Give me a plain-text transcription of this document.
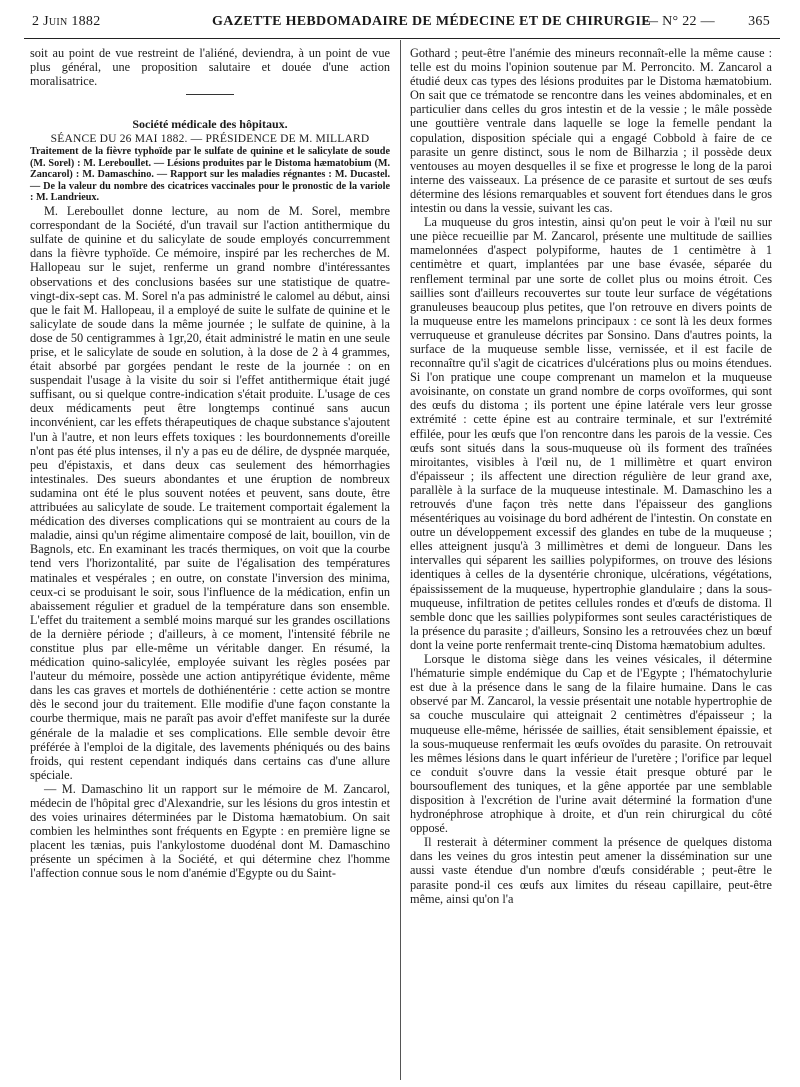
2 Juin 1882	GAZETTE HEBDOMADAIRE DE MÉDECINE ET DE CHIRURGIE
— N° 22 — 365

soit au point de vue restreint de l'aliéné, deviendra, à un point de vue plus général, une proposition salutaire et douée d'une action moralisatrice.

Société médicale des hôpitaux.

SÉANCE DU 26 MAI 1882. — PRÉSIDENCE DE M. MILLARD

Traitement de la fièvre typhoïde par le sulfate de quinine et le salicylate de soude (M. Sorel) : M. Lereboullet. — Lésions produites par le Distoma hæmatobium (M. Zancarol) : M. Damaschino. — Rapport sur les maladies régnantes : M. Ducastel. — De la valeur du nombre des cicatrices vaccinales pour le pronostic de la variole : M. Landrieux.

M. Lereboullet donne lecture, au nom de M. Sorel, membre correspondant de la Société, d'un travail sur l'action antithermique du sulfate de quinine et du salicylate de soude employés concurremment dans la fièvre typhoïde. Ce mémoire, inspiré par les recherches de M. Hallopeau sur le sujet, renferme un grand nombre d'intéressantes observations et des conclusions basées sur une statistique de quatre-vingt-dix-sept cas. M. Sorel n'a pas administré le calomel au début, ainsi que le fait M. Hallopeau, il a employé de suite le sulfate de quinine et le salicylate de soude dans la même journée ; le sulfate de quinine, à la dose de 50 centigrammes à 1gr,20, était administré le matin en une seule prise, et le salicylate de soude en solution, à la dose de 2 à 4 grammes, était absorbé par gorgées pendant le reste de la journée : on en suspendait l'usage à la visite du soir si l'effet antithermique était jugé suffisant, ou si quelque contre-indication s'était produite. L'usage de ces deux médicaments peut être longtemps continué sans aucun inconvénient, car les effets thérapeutiques de chaque substance s'ajoutent l'un à l'autre, et non leurs effets toxiques : les bourdonnements d'oreille n'ont pas été plus intenses, il n'y a pas eu de délire, de dyspnée marquée, peu d'épistaxis, et dans deux cas seulement des hémorrhagies intestinales. Des sueurs abondantes et une éruption de nombreux sudamina ont été le plus souvent notées et peuvent, sans doute, être attribuées au salicylate de soude. Le traitement comportait également la médication des diverses complications qui se montraient au cours de la maladie, ainsi qu'un régime alimentaire composé de lait, bouillon, vin de Bagnols, etc. En examinant les tracés thermiques, on voit que la courbe tend vers l'horizontalité, par suite de l'égalisation des températures matinales et vespérales ; en outre, on constate l'inversion des minima, ceux-ci se produisant le soir, sous l'influence de la médication, enfin un abaissement régulier et graduel de la température dans son ensemble. L'effet du traitement a semblé moins marqué sur les grandes oscillations de la dernière période ; d'ailleurs, à ce moment, l'intensité fébrile ne constitue plus par elle-même un véritable danger. En résumé, la médication quino-salicylée, employée suivant les règles posées par l'auteur du mémoire, possède une action antipyrétique évidente, même dans les cas graves et mortels de dothiénentérie : cette action se montre dès le second jour du traitement. Elle modifie d'une façon constante la courbe thermique, mais ne paraît pas avoir d'effet manifeste sur la durée générale de la maladie et ses complications. Elle semble devoir être préférée à l'emploi de la digitale, des lavements phéniqués ou des bains froids, qui restent cependant indiqués dans certains cas d'une allure spéciale.

— M. Damaschino lit un rapport sur le mémoire de M. Zancarol, médecin de l'hôpital grec d'Alexandrie, sur les lésions du gros intestin et des voies urinaires déterminées par le Distoma hæmatobium. On sait combien les helminthes sont fréquents en Egypte : en première ligne se placent les tænias, puis l'ankylostome duodénal dont M. Damaschino présente un spécimen à la Société, et qui détermine chez l'homme l'affection connue sous le nom d'anémie d'Egypte ou du Saint-

Gothard ; peut-être l'anémie des mineurs reconnaît-elle la même cause : telle est du moins l'opinion soutenue par M. Perroncito. M. Zancarol a étudié deux cas types des lésions produites par le Distoma hæmatobium. On sait que ce trématode se rencontre dans les veines abdominales, et en particulier dans celles du gros intestin et de la vessie ; le mâle possède une gouttière ventrale dans laquelle se loge la femelle pendant la copulation, disposition spéciale qui a engagé Cobbold à faire de ce parasite un genre distinct, sous le nom de Bilharzia ; il possède deux ventouses au moyen desquelles il se fixe et progresse le long de la paroi interne des vaisseaux. La présence de ce parasite et surtout de ses œufs détermine des lésions remarquables et souvent fort étendues dans le gros intestin ou dans la vessie, suivant les cas.

La muqueuse du gros intestin, ainsi qu'on peut le voir à l'œil nu sur une pièce recueillie par M. Zancarol, présente une multitude de saillies mamelonnées d'aspect polypiforme, hautes de 1 centimètre à 1 centimètre et quart, implantées par une base évasée, séparée du renflement terminal par une sorte de collet plus ou moins étroit. Ces saillies sont d'ailleurs recouvertes sur toute leur surface de végétations granuleuses beaucoup plus petites, que l'on retrouve en divers points de la muqueuse entre les mamelons principaux : ce sont là les deux formes verruqueuse et granuleuse décrites par Sonsino. Dans d'autres points, la surface de la muqueuse semble lisse, vernissée, et il est facile de reconnaître qu'il s'agit de cicatrices d'ulcérations plus ou moins étendues. Si l'on pratique une coupe comprenant un mamelon et la muqueuse avoisinante, on constate un grand nombre de corps ovoïformes, qui sont des œufs du distoma ; ils portent une épine latérale vers leur grosse extrémité : cette épine est au contraire terminale, et sur l'extrémité effilée, pour les œufs que l'on rencontre dans les parois de la vessie. Ces œufs sont situés dans la sous-muqueuse où ils forment des traînées miroitantes, visibles à l'œil nu, de 1 millimètre et quart environ d'épaisseur ; ils affectent une direction régulière de leur grand axe, parallèle à la surface de la muqueuse intestinale. M. Damaschino les a retrouvés d'une façon très nette dans l'épaisseur des ganglions mésentériques au voisinage du bord adhérent de l'intestin. On constate en outre un développement excessif des glandes en tube de la muqueuse ; elles atteignent jusqu'à 3 millimètres et demi de longueur. Dans les intervalles qui séparent les saillies polypiformes, on trouve des lésions identiques à celles de la dysentérie chronique, ulcérations, végétations, épaississement de la muqueuse, hypertrophie glandulaire ; dans la sous-muqueuse, infiltration de petites cellules rondes et d'œufs de distoma. Il semble donc que les saillies polypiformes sont seules caractéristiques de la présence du parasite ; d'ailleurs, Sonsino les a retrouvées chez un bœuf dont la veine porte renfermait trente-cinq Distoma hæmatobium adultes.

Lorsque le distoma siège dans les veines vésicales, il détermine l'hématurie simple endémique du Cap et de l'Egypte ; l'hématochylurie est due à la présence dans le sang de la filaire humaine. Dans le cas observé par M. Zancarol, la vessie présentait une notable hypertrophie de sa couche musculaire qui atteignait 2 centimètres d'épaisseur ; la muqueuse elle-même, hérissée de saillies, était sensiblement épaissie, et la sous-muqueuse renfermait les œufs ovoïdes du parasite. On retrouvait les mêmes lésions dans le quart inférieur de l'uretère ; l'orifice par lequel ce conduit s'ouvre dans la vessie était presque obturé par le boursouflement des tuniques, et la gêne apportée par une semblable disposition à l'excrétion de l'urine avait déterminé la formation d'une hydronéphrose atrophique à droite, et d'un rein chirurgical du côté opposé.

Il resterait à déterminer comment la présence de quelques distoma dans les veines du gros intestin peut amener la dissémination sur une aussi vaste étendue d'un nombre d'œufs considérable ; peut-être le parasite pond-il ces œufs aux limites du réseau capillaire, peut-être même, ainsi qu'on l'a
